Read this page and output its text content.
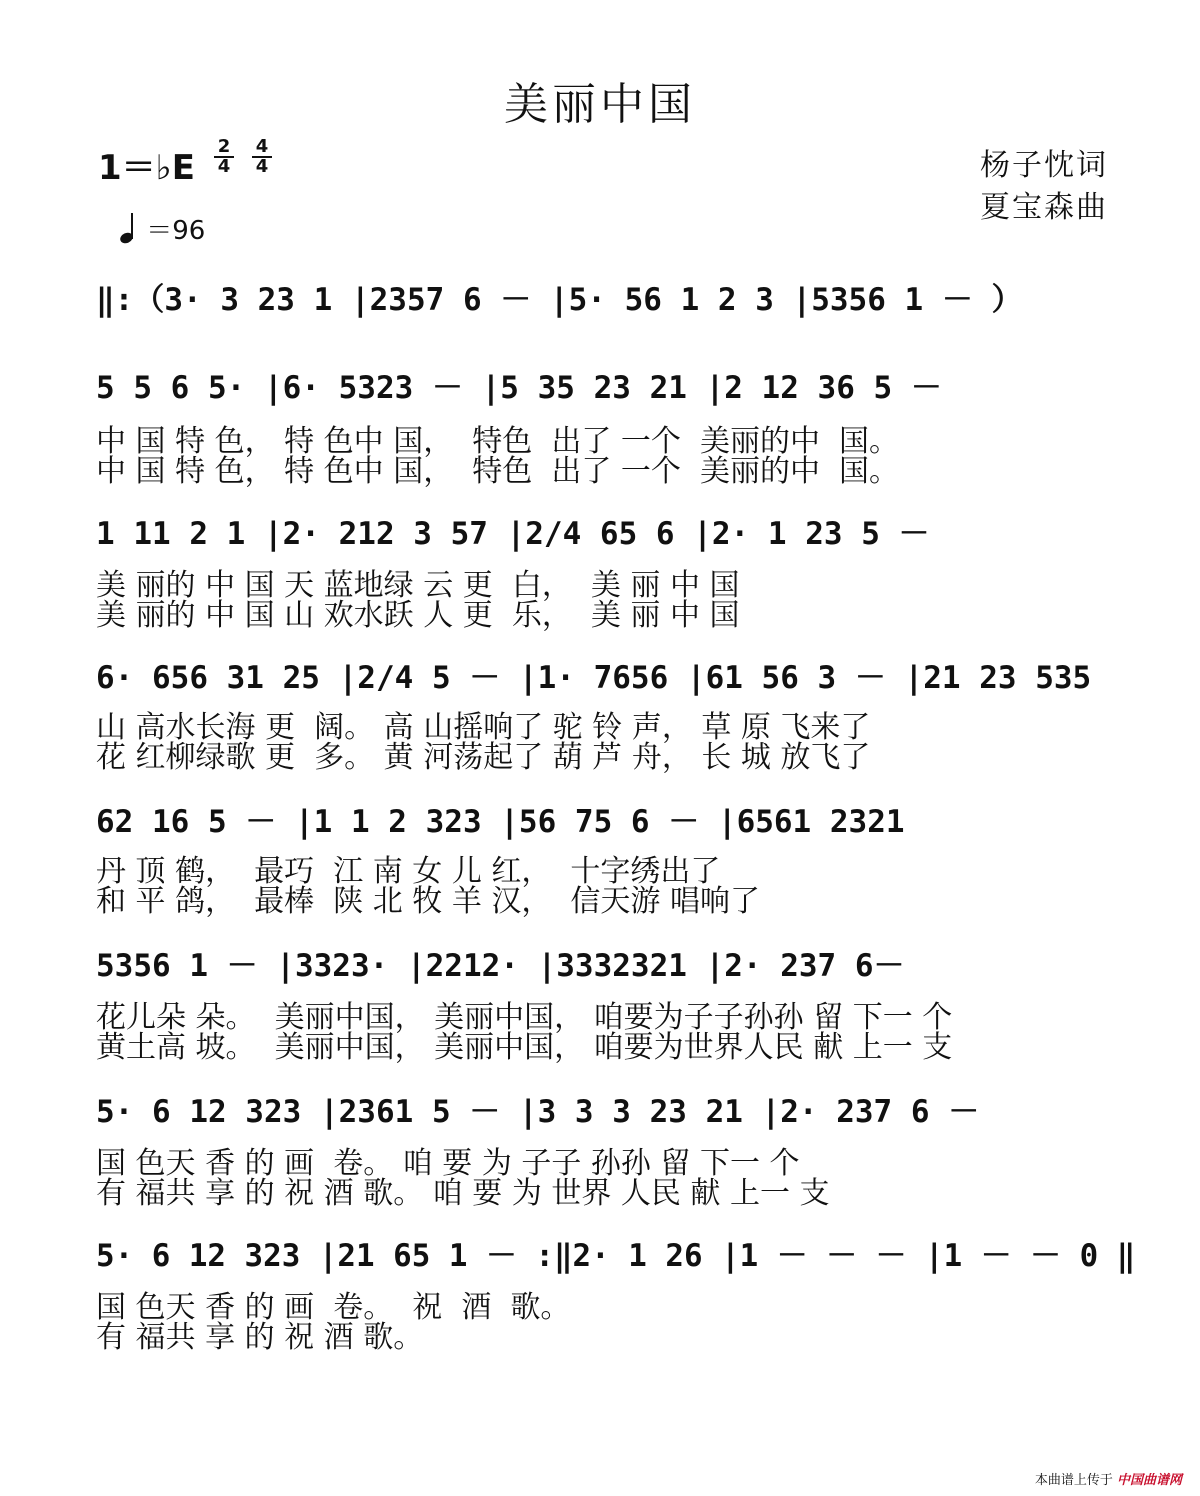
美丽中国
1＝♭E
2
4
4
4	杨子忱词
夏宝森曲
＝96
‖:（3· 3 23 1 |2357 6 － |5· 56 1 2 3 |5356 1 － ）
5 5 6 5· |6· 5323 － |5 35 23 21 |2 12 36 5 －
中 国 特 色， 特 色中 国，  特色  出了 一个  美丽的中  国。
中 国 特 色， 特 色中 国，  特色  出了 一个  美丽的中  国。
1 11 2 1 |2· 212 3 57 |2/4 65 6 |2· 1 23 5 －
美 丽的 中 国 天 蓝地绿 云 更  白，  美 丽 中 国
美 丽的 中 国 山 欢水跃 人 更  乐，  美 丽 中 国
6· 656 31 25 |2/4 5 － |1· 7656 |61 56 3 － |21 23 535
山 高水长海 更  阔。 高 山摇响了 驼 铃 声， 草 原 飞来了
花 红柳绿歌 更  多。 黄 河荡起了 葫 芦 舟， 长 城 放飞了
62 16 5 － |1 1 2 323 |56 75 6 － |6561 2321
丹 顶 鹤，  最巧  江 南 女 儿 红，  十字绣出了
和 平 鸽，  最棒  陕 北 牧 羊 汉，  信天游 唱响了
5356 1 － |3323· |2212· |3332321 |2· 237 6－
花儿朵 朵。  美丽中国， 美丽中国， 咱要为子子孙孙 留 下一 个
黄土高 坡。  美丽中国， 美丽中国， 咱要为世界人民 献 上一 支
5· 6 12 323 |2361 5 － |3 3 3 23 21 |2· 237 6 －
国 色天 香 的 画  卷。 咱 要 为 子子 孙孙 留 下一 个
有 福共 享 的 祝 酒 歌。 咱 要 为 世界 人民 献 上一 支
5· 6 12 323 |21 65 1 － :‖2· 1 26 |1 － － － |1 － － 0 ‖
国 色天 香 的 画  卷。  祝  酒  歌。
有 福共 享 的 祝 酒 歌。
本曲谱上传于 中国曲谱网
